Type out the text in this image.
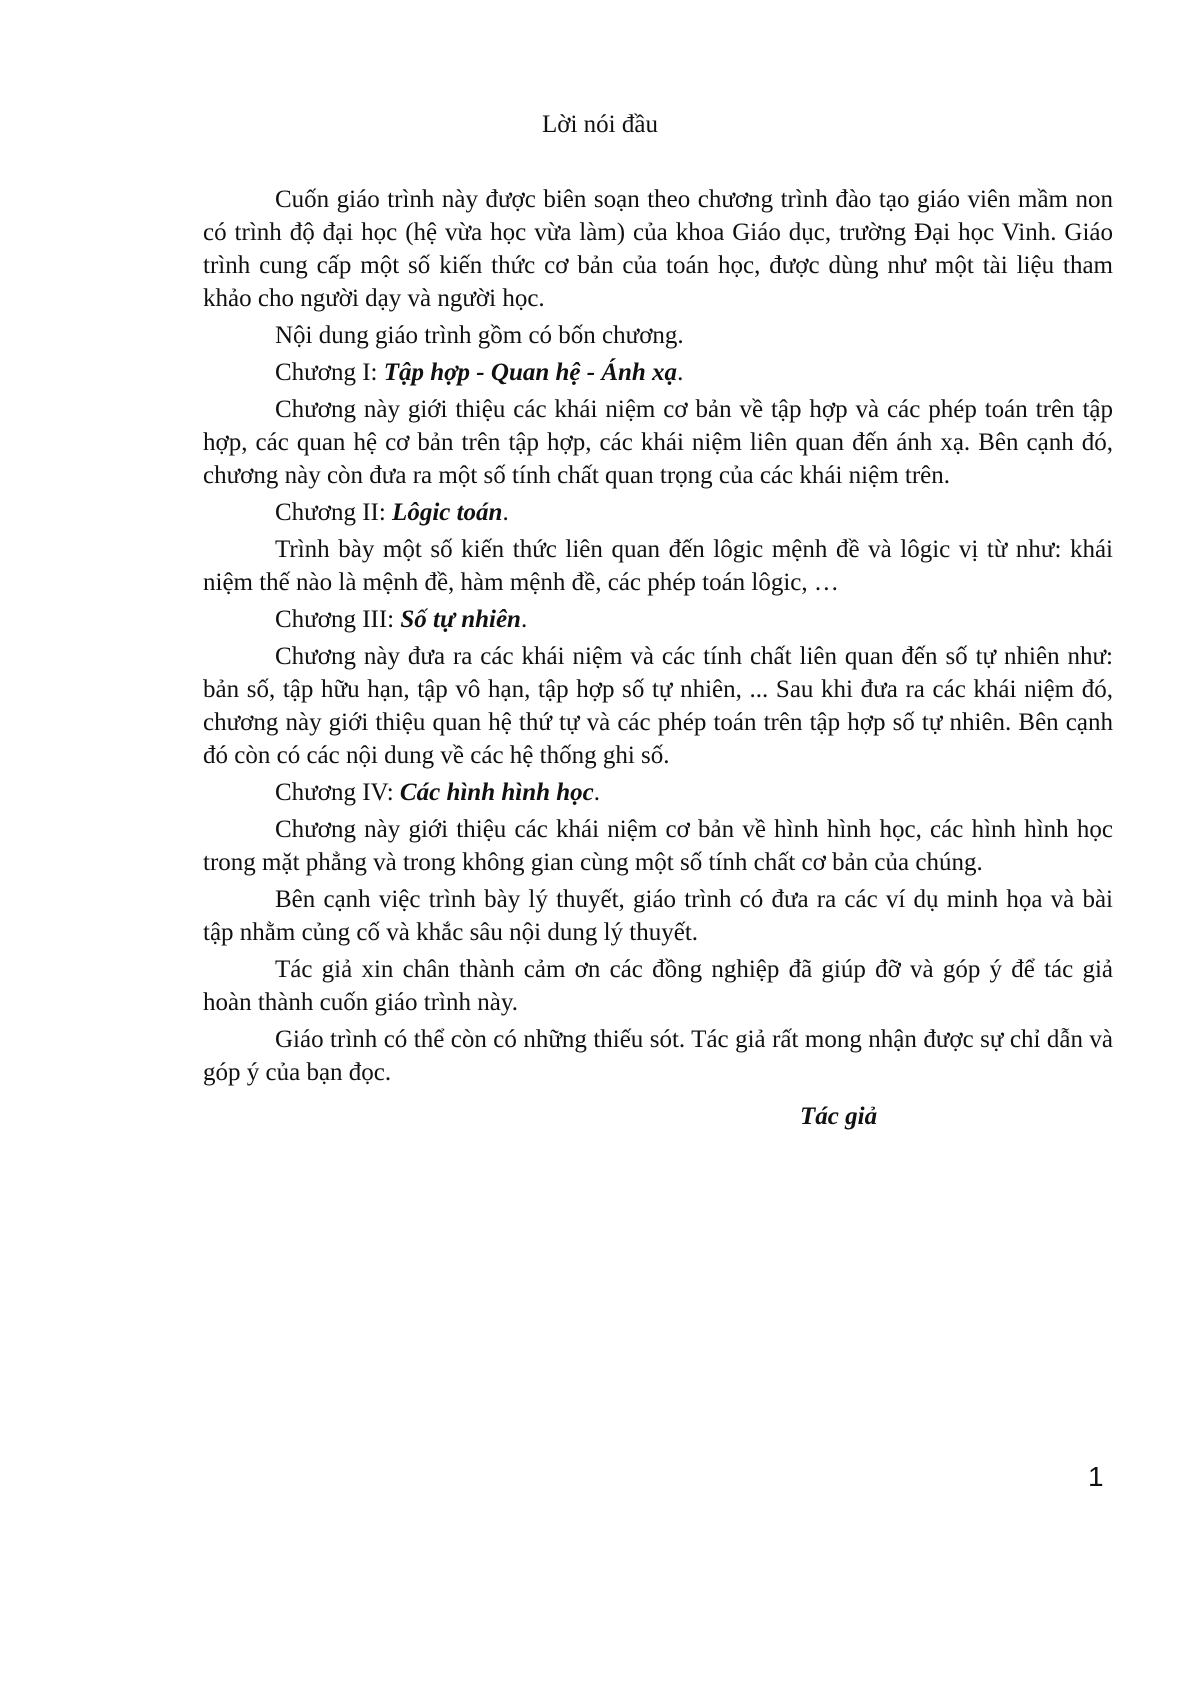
Lời nói đầu

Cuốn giáo trình này được biên soạn theo chương trình đào tạo giáo viên mầm non có trình độ đại học (hệ vừa học vừa làm) của khoa Giáo dục, trường Đại học Vinh. Giáo trình cung cấp một số kiến thức cơ bản của toán học, được dùng như một tài liệu tham khảo cho người dạy và người học.

Nội dung giáo trình gồm có bốn chương.

Chương I: Tập hợp - Quan hệ - Ánh xạ.

Chương này giới thiệu các khái niệm cơ bản về tập hợp và các phép toán trên tập hợp, các quan hệ cơ bản trên tập hợp, các khái niệm liên quan đến ánh xạ. Bên cạnh đó, chương này còn đưa ra một số tính chất quan trọng của các khái niệm trên.

Chương II: Lôgic toán.

Trình bày một số kiến thức liên quan đến lôgic mệnh đề và lôgic vị từ như: khái niệm thế nào là mệnh đề, hàm mệnh đề, các phép toán lôgic, …

Chương III: Số tự nhiên.

Chương này đưa ra các khái niệm và các tính chất liên quan đến số tự nhiên như: bản số, tập hữu hạn, tập vô hạn, tập hợp số tự nhiên, ... Sau khi đưa ra các khái niệm đó, chương này giới thiệu quan hệ thứ tự và các phép toán trên tập hợp số tự nhiên. Bên cạnh đó còn có các nội dung về các hệ thống ghi số.

Chương IV: Các hình hình học.

Chương này giới thiệu các khái niệm cơ bản về hình hình học, các hình hình học trong mặt phẳng và trong không gian cùng một số tính chất cơ bản của chúng.

Bên cạnh việc trình bày lý thuyết, giáo trình có đưa ra các ví dụ minh họa và bài tập nhằm củng cố và khắc sâu nội dung lý thuyết.

Tác giả xin chân thành cảm ơn các đồng nghiệp đã giúp đỡ và góp ý để tác giả hoàn thành cuốn giáo trình này.

Giáo trình có thể còn có những thiếu sót. Tác giả rất mong nhận được sự chỉ dẫn và góp ý của bạn đọc.

Tác giả
1
